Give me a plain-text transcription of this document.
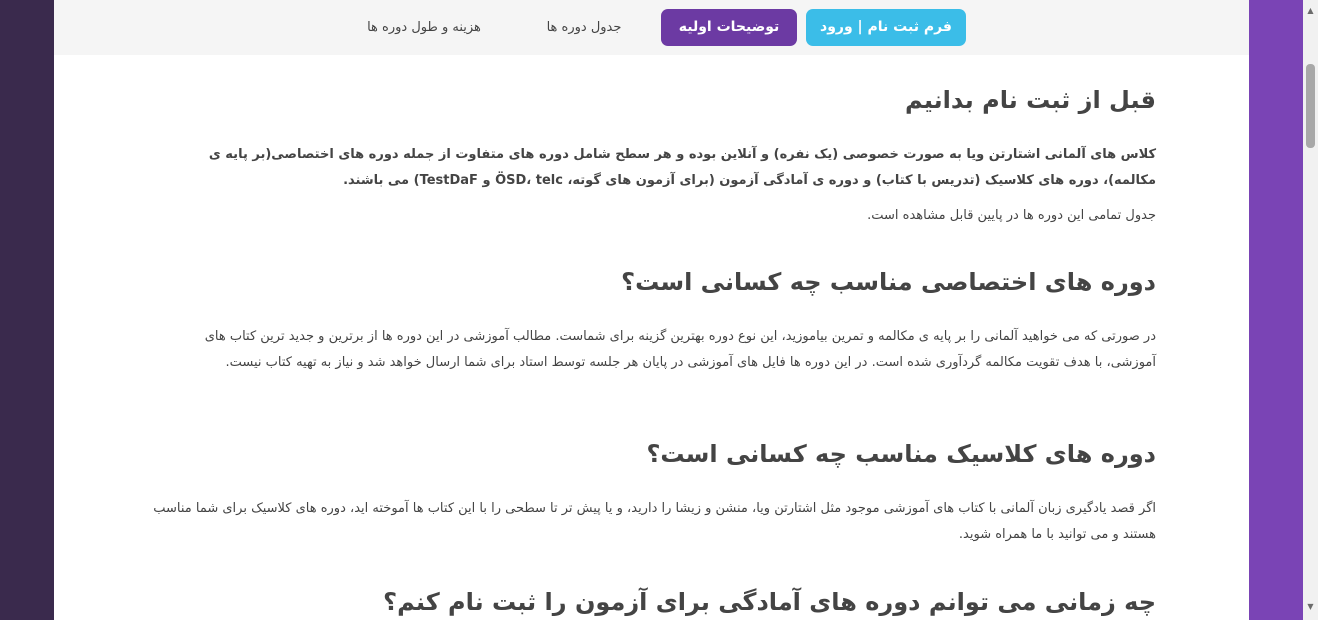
فرم ثبت نام | ورود
توضیحات اولیه
جدول دوره ها
هزینه و طول دوره ها
قبل از ثبت نام بدانیم

کلاس های آلمانی اشتارتن ویا به صورت خصوصی (یک نفره) و آنلاین بوده و هر سطح شامل دوره های متفاوت از جمله دوره های اختصاصی(بر پایه ی مکالمه)، دوره های کلاسیک (تدریس با کتاب) و دوره ی آمادگی آزمون (برای آزمون های گوته، ÖSD، telc و TestDaF) می باشند.

جدول تمامی این دوره ها در پایین قابل مشاهده است.

دوره های اختصاصی مناسب چه کسانی است؟

در صورتی که می خواهید آلمانی را بر پایه ی مکالمه و تمرین بیاموزید، این نوع دوره بهترین گزینه برای شماست. مطالب آموزشی در این دوره ها از برترین و جدید ترین کتاب های آموزشی، با هدف تقویت مکالمه گردآوری شده است. در این دوره ها فایل های آموزشی در پایان هر جلسه توسط استاد برای شما ارسال خواهد شد و نیاز به تهیه کتاب نیست.

دوره های کلاسیک مناسب چه کسانی است؟

اگر قصد یادگیری زبان آلمانی با کتاب های آموزشی موجود مثل اشتارتن ویا، منشن و زیشا را دارید، و یا پیش تر تا سطحی را با این کتاب ها آموخته اید، دوره های کلاسیک برای شما مناسب هستند و می توانید با ما همراه شوید.

چه زمانی می توانم دوره های آمادگی برای آزمون را ثبت نام کنم؟
▲
▼
